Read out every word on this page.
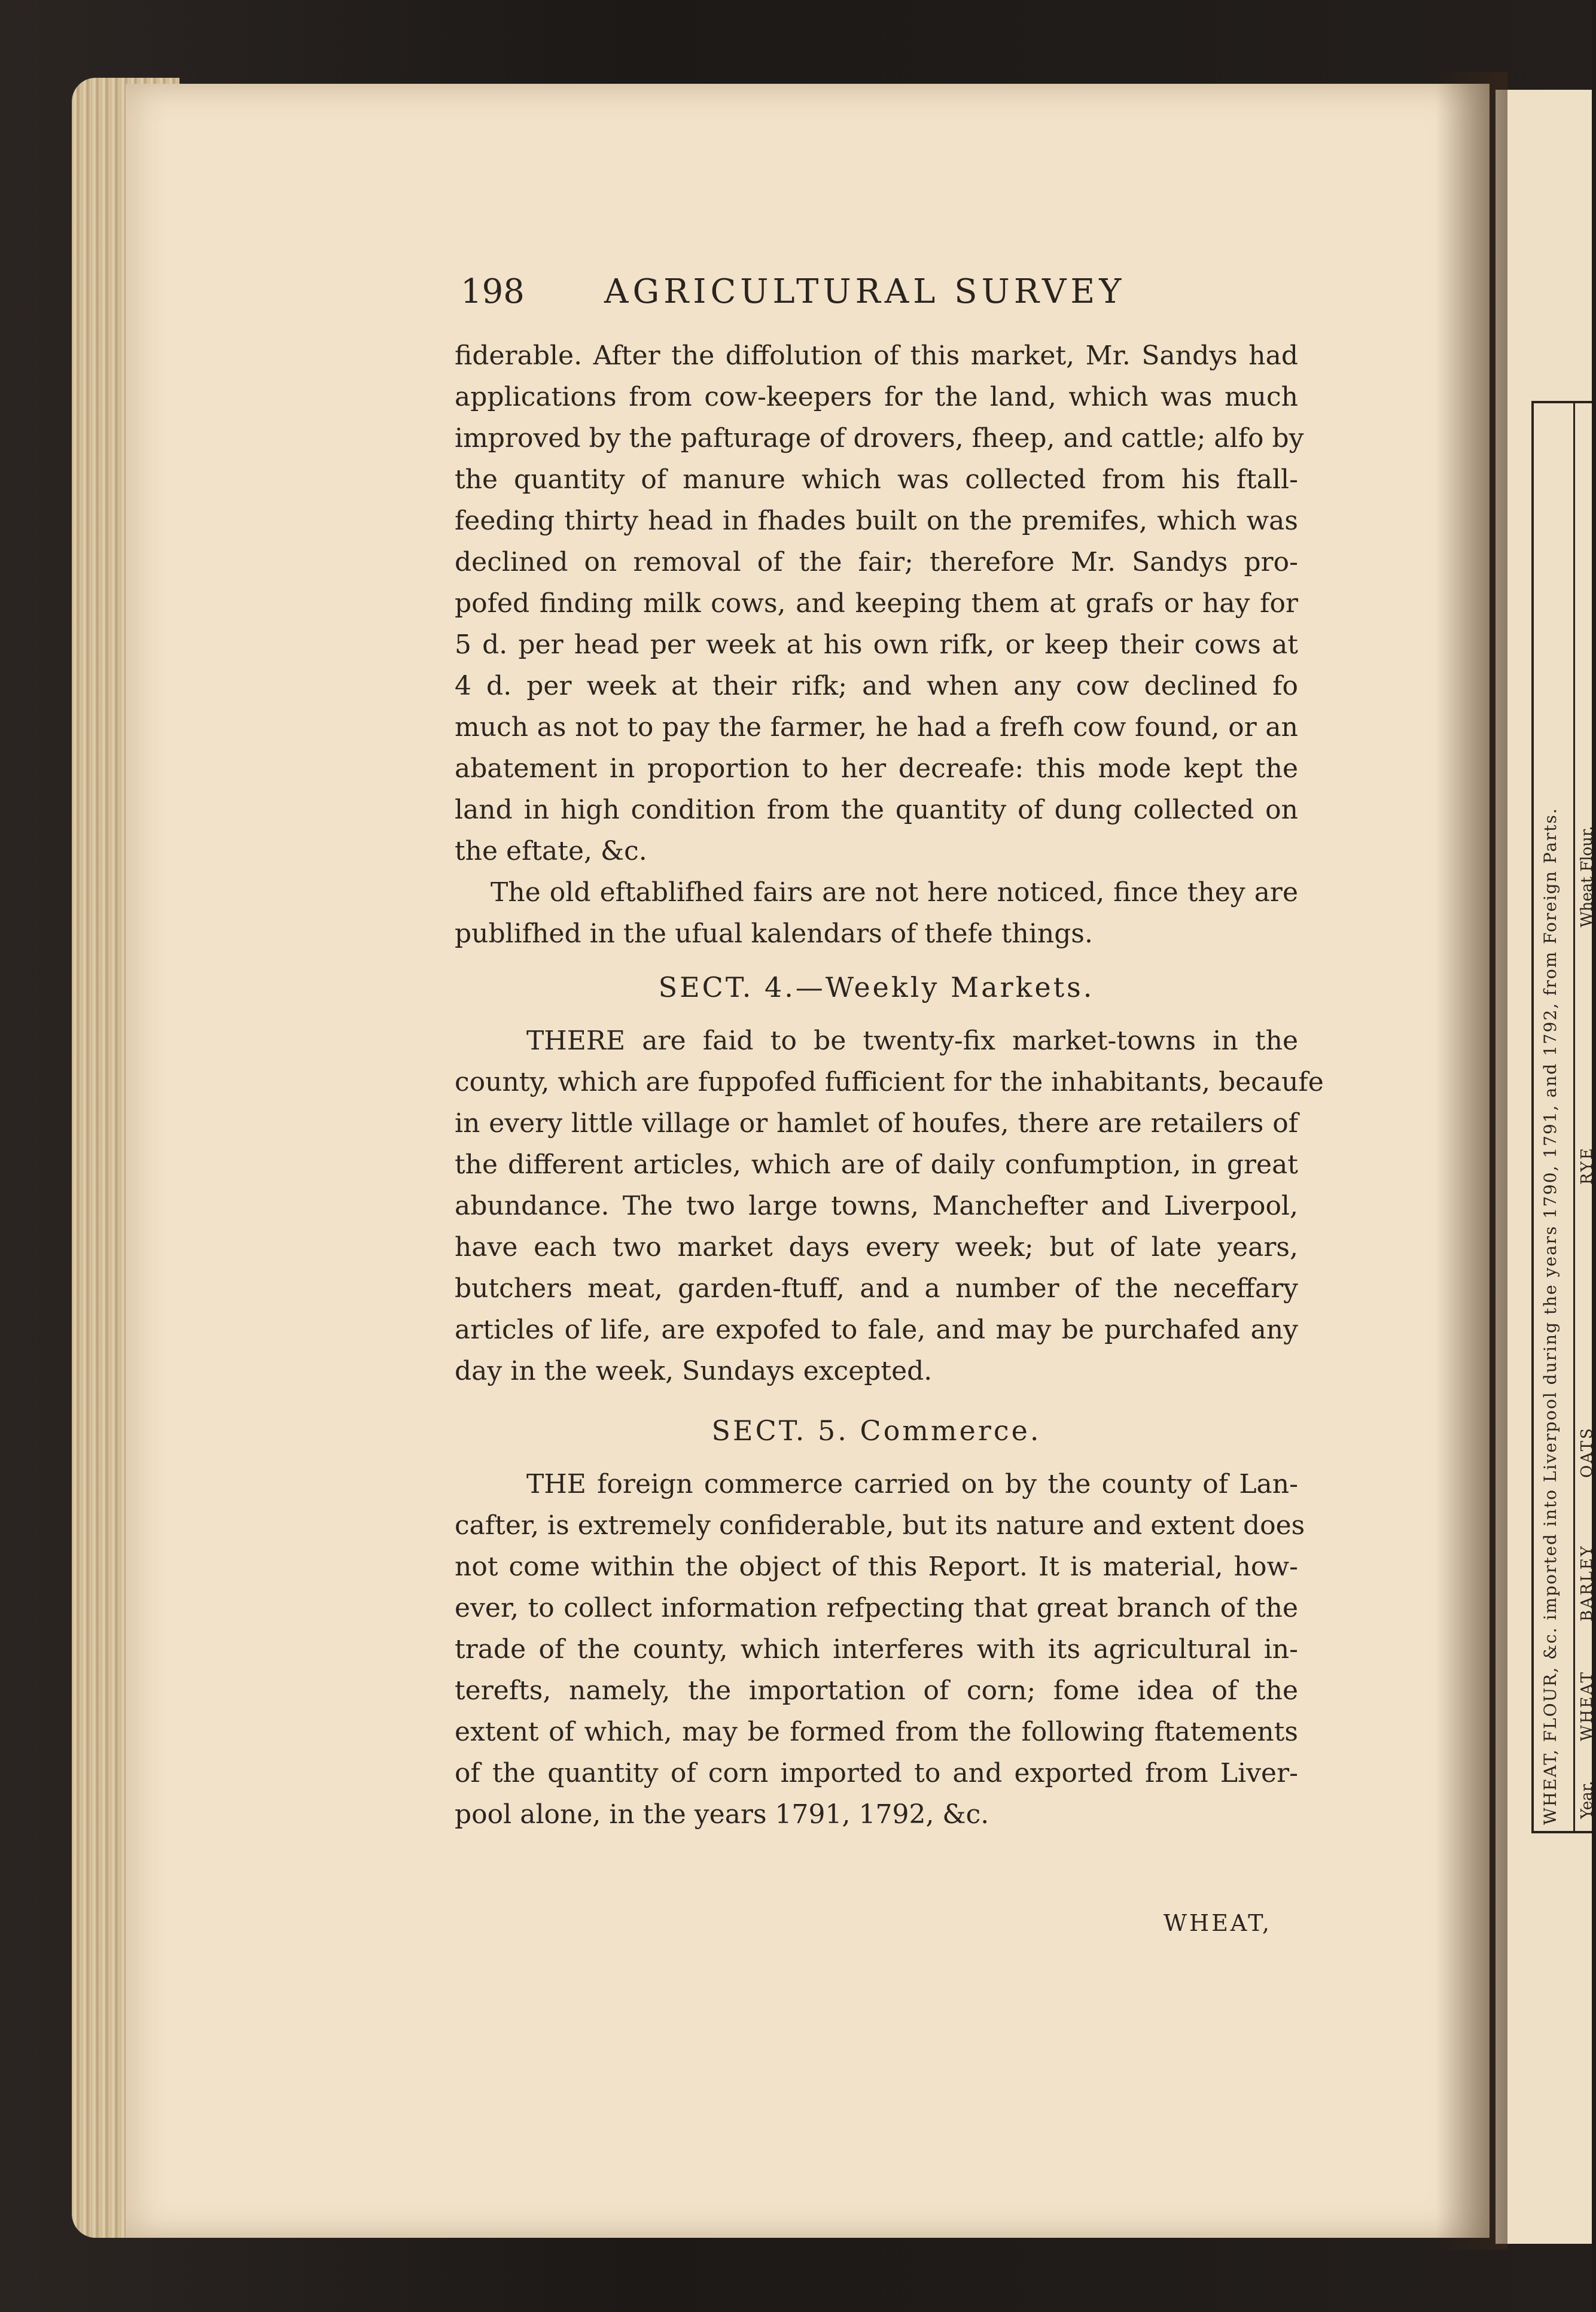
WHEAT, FLOUR, &c. imported into Liverpool during the years 1790, 1791, and 1792, from Foreign Parts. Year.
WHEAT
BARLEY
OATS
RYE
Wheat Flour.
198 AGRICULTURAL SURVEY
fiderable. After the diffolution of this market, Mr. Sandys had
applications from cow-keepers for the land, which was much
improved by the pafturage of drovers, fheep, and cattle; alfo by
the quantity of manure which was collected from his ftall-
feeding thirty head in fhades built on the premifes, which was
declined on removal of the fair; therefore Mr. Sandys pro-
pofed finding milk cows, and keeping them at grafs or hay for
5 d. per head per week at his own rifk, or keep their cows at
4 d. per week at their rifk; and when any cow declined fo
much as not to pay the farmer, he had a frefh cow found, or an
abatement in proportion to her decreafe: this mode kept the
land in high condition from the quantity of dung collected on
the eftate, &c.
The old eftablifhed fairs are not here noticed, fince they are
publifhed in the ufual kalendars of thefe things.
SECT. 4.—Weekly Markets.
THERE are faid to be twenty-fix market-towns in the
county, which are fuppofed fufficient for the inhabitants, becaufe
in every little village or hamlet of houfes, there are retailers of
the different articles, which are of daily confumption, in great
abundance. The two large towns, Manchefter and Liverpool,
have each two market days every week; but of late years,
butchers meat, garden-ftuff, and a number of the neceffary
articles of life, are expofed to fale, and may be purchafed any
day in the week, Sundays excepted.
SECT. 5. Commerce.
THE foreign commerce carried on by the county of Lan-
cafter, is extremely confiderable, but its nature and extent does
not come within the object of this Report. It is material, how-
ever, to collect information refpecting that great branch of the
trade of the county, which interferes with its agricultural in-
terefts, namely, the importation of corn; fome idea of the
extent of which, may be formed from the following ftatements
of the quantity of corn imported to and exported from Liver-
pool alone, in the years 1791, 1792, &c.
WHEAT,
